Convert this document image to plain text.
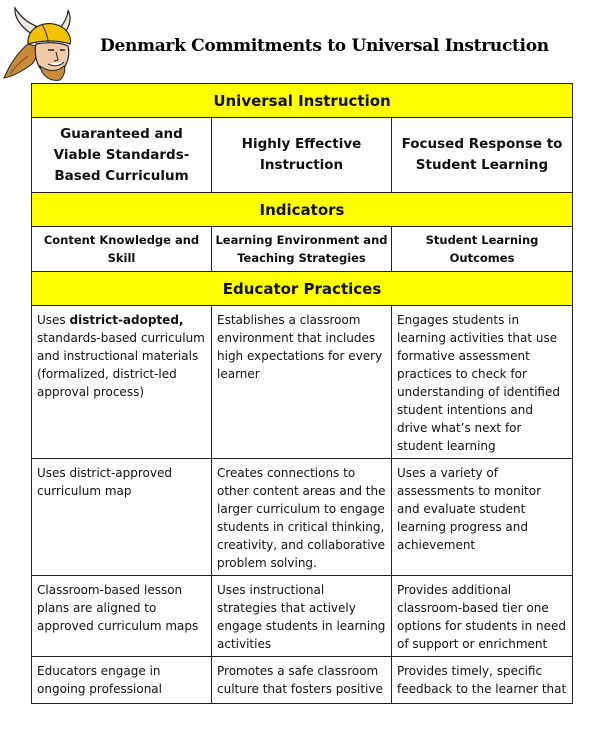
Denmark Commitments to Universal Instruction
Universal Instruction		
Guaranteed and Viable Standards-Based Curriculum	Highly Effective Instruction	Focused Response to Student Learning
Indicators		
Content Knowledge and Skill	Learning Environment and Teaching Strategies	Student Learning Outcomes
Educator Practices		
Uses district-adopted, standards-based curriculum and instructional materials (formalized, district-led approval process)	Establishes a classroom environment that includes high expectations for every learner	Engages students in learning activities that use formative assessment practices to check for understanding of identified student intentions and drive what’s next for student learning
Uses district-approved curriculum map	Creates connections to other content areas and the larger curriculum to engage students in critical thinking, creativity, and collaborative problem solving.	Uses a variety of assessments to monitor and evaluate student learning progress and achievement
Classroom-based lesson plans are aligned to approved curriculum maps	Uses instructional strategies that actively engage students in learning activities	Provides additional classroom-based tier one options for students in need of support or enrichment

Educators engage in ongoing professional	Promotes a safe classroom culture that fosters positive	Provides timely, specific feedback to the learner that
